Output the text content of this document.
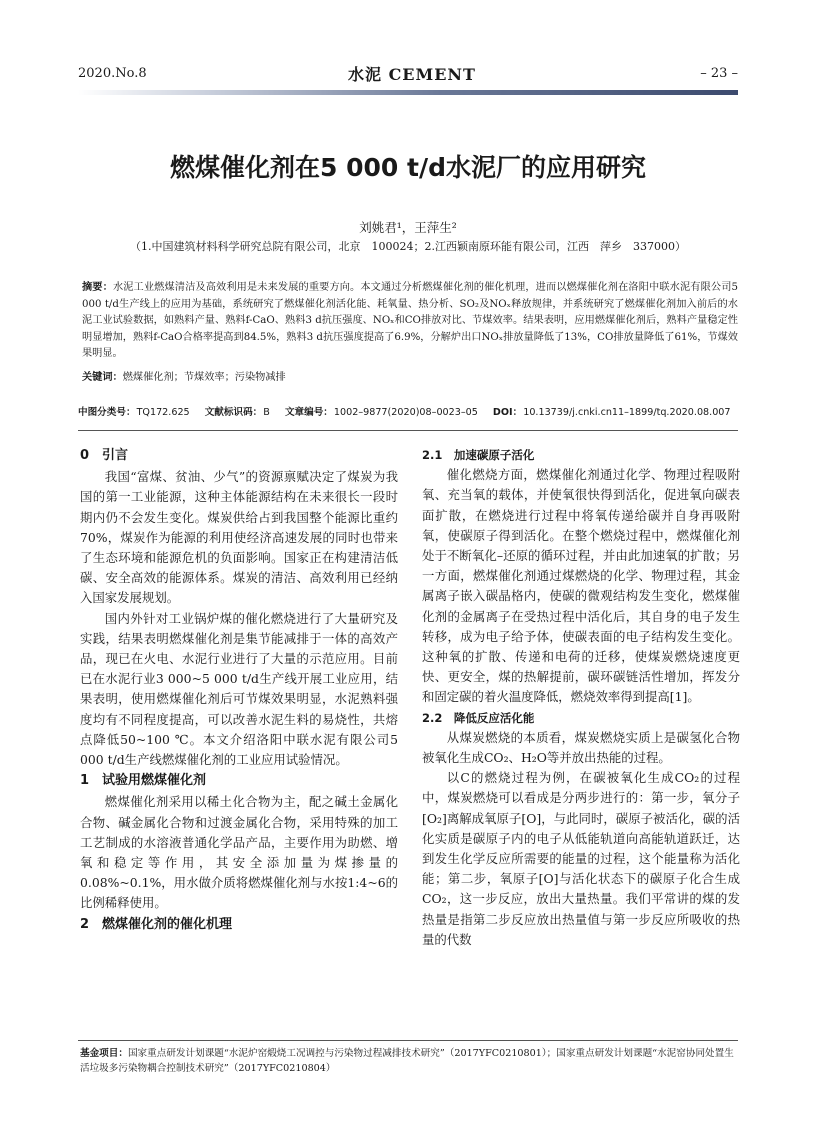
2020.No.8	水泥 CEMENT	– 23 –
燃煤催化剂在5 000 t/d水泥厂的应用研究
刘姚君¹，王萍生²
（1.中国建筑材料科学研究总院有限公司，北京　100024；2.江西颖南原环能有限公司，江西　萍乡　337000）
摘要：水泥工业燃煤清洁及高效利用是未来发展的重要方向。本文通过分析燃煤催化剂的催化机理，进而以燃煤催化剂在洛阳中联水泥有限公司5 000 t/d生产线上的应用为基础，系统研究了燃煤催化剂活化能、耗氧量、热分析、SO₂及NOₓ释放规律，并系统研究了燃煤催化剂加入前后的水泥工业试验数据，如熟料产量、熟料f-CaO、熟料3 d抗压强度、NOₓ和CO排放对比、节煤效率。结果表明，应用燃煤催化剂后，熟料产量稳定性明显增加，熟料f-CaO合格率提高到84.5%，熟料3 d抗压强度提高了6.9%，分解炉出口NOₓ排放量降低了13%，CO排放量降低了61%，节煤效果明显。
关键词：燃煤催化剂；节煤效率；污染物减排
中图分类号：TQ172.625 文献标识码：B 文章编号：1002–9877(2020)08–0023–05 DOI：10.13739/j.cnki.cn11–1899/tq.2020.08.007
0　引言

我国“富煤、贫油、少气”的资源禀赋决定了煤炭为我国的第一工业能源，这种主体能源结构在未来很长一段时期内仍不会发生变化。煤炭供给占到我国整个能源比重约70%，煤炭作为能源的利用使经济高速发展的同时也带来了生态环境和能源危机的负面影响。国家正在构建清洁低碳、安全高效的能源体系。煤炭的清洁、高效利用已经纳入国家发展规划。

国内外针对工业锅炉煤的催化燃烧进行了大量研究及实践，结果表明燃煤催化剂是集节能减排于一体的高效产品，现已在火电、水泥行业进行了大量的示范应用。目前已在水泥行业3 000~5 000 t/d生产线开展工业应用，结果表明，使用燃煤催化剂后可节煤效果明显，水泥熟料强度均有不同程度提高，可以改善水泥生料的易烧性，共熔点降低50~100 ℃。本文介绍洛阳中联水泥有限公司5 000 t/d生产线燃煤催化剂的工业应用试验情况。

1　试验用燃煤催化剂

燃煤催化剂采用以稀土化合物为主，配之碱土金属化合物、碱金属化合物和过渡金属化合物，采用特殊的加工工艺制成的水溶液普通化学品产品，主要作用为助燃、增氧和稳定等作用，其安全添加量为煤掺量的0.08%~0.1%，用水做介质将燃煤催化剂与水按1:4~6的比例稀释使用。

2　燃煤催化剂的催化机理
2.1　加速碳原子活化

催化燃烧方面，燃煤催化剂通过化学、物理过程吸附氧、充当氧的载体，并使氧很快得到活化，促进氧向碳表面扩散，在燃烧进行过程中将氧传递给碳并自身再吸附氧，使碳原子得到活化。在整个燃烧过程中，燃煤催化剂处于不断氧化–还原的循环过程，并由此加速氧的扩散；另一方面，燃煤催化剂通过煤燃烧的化学、物理过程，其金属离子嵌入碳晶格内，使碳的微观结构发生变化，燃煤催化剂的金属离子在受热过程中活化后，其自身的电子发生转移，成为电子给予体，使碳表面的电子结构发生变化。这种氧的扩散、传递和电荷的迁移，使煤炭燃烧速度更快、更安全，煤的热解提前，碳环碳链活性增加，挥发分和固定碳的着火温度降低，燃烧效率得到提高[1]。

2.2　降低反应活化能

从煤炭燃烧的本质看，煤炭燃烧实质上是碳氢化合物被氧化生成CO₂、H₂O等并放出热能的过程。

以C的燃烧过程为例，在碳被氧化生成CO₂的过程中，煤炭燃烧可以看成是分两步进行的：第一步，氧分子[O₂]离解成氧原子[O]，与此同时，碳原子被活化，碳的活化实质是碳原子内的电子从低能轨道向高能轨道跃迁，达到发生化学反应所需要的能量的过程，这个能量称为活化能；第二步，氧原子[O]与活化状态下的碳原子化合生成CO₂，这一步反应，放出大量热量。我们平常讲的煤的发热量是指第二步反应放出热量值与第一步反应所吸收的热量的代数

基金项目：国家重点研发计划课题“水泥炉窑煅烧工况调控与污染物过程减排技术研究”（2017YFC0210801）；国家重点研发计划课题“水泥窑协同处置生活垃圾多污染物耦合控制技术研究”（2017YFC0210804）
